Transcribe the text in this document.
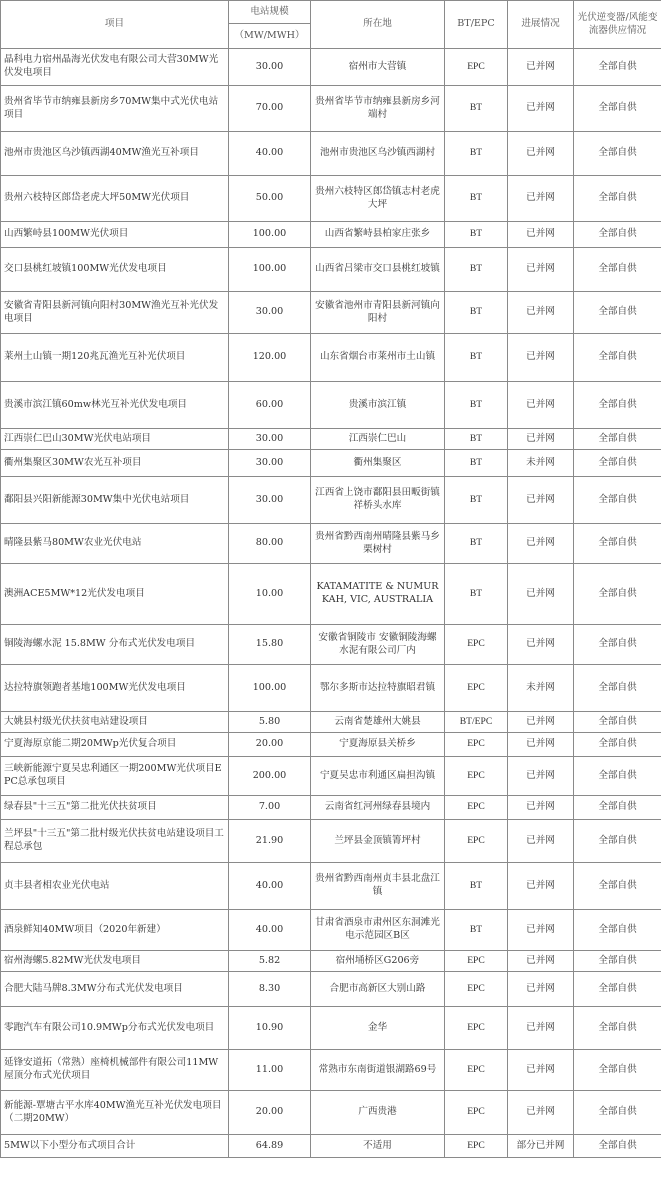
项目	电站规模	所在地	BT/EPC	进展情况	光伏逆变器/风能变流器供应情况
	（MW/MWH）				
晶科电力宿州晶海光伏发电有限公司大营30MW光伏发电项目	30.00	宿州市大营镇	EPC	已并网	全部自供
贵州省毕节市纳雍县新房乡70MW集中式光伏电站项目	70.00	贵州省毕节市纳雍县新房乡河端村	BT	已并网	全部自供
池州市贵池区乌沙镇西湖40MW渔光互补项目	40.00	池州市贵池区乌沙镇西湖村	BT	已并网	全部自供
贵州六枝特区郎岱老虎大坪50MW光伏项目	50.00	贵州六枝特区郎岱镇志村老虎大坪	BT	已并网	全部自供
山西繁峙县100MW光伏项目	100.00	山西省繁峙县柏家庄张乡	BT	已并网	全部自供
交口县桃红坡镇100MW光伏发电项目	100.00	山西省吕梁市交口县桃红坡镇	BT	已并网	全部自供
安徽省青阳县新河镇向阳村30MW渔光互补光伏发电项目	30.00	安徽省池州市青阳县新河镇向阳村	BT	已并网	全部自供
莱州土山镇一期120兆瓦渔光互补光伏项目	120.00	山东省烟台市莱州市土山镇	BT	已并网	全部自供
贵溪市滨江镇60mw林光互补光伏发电项目	60.00	贵溪市滨江镇	BT	已并网	全部自供
江西崇仁巴山30MW光伏电站项目	30.00	江西崇仁巴山	BT	已并网	全部自供
衢州集聚区30MW农光互补项目	30.00	衢州集聚区	BT	未并网	全部自供
鄱阳县兴阳新能源30MW集中光伏电站项目	30.00	江西省上饶市鄱阳县田畈街镇祥桥头水库	BT	已并网	全部自供
晴隆县紫马80MW农业光伏电站	80.00	贵州省黔西南州晴隆县紫马乡栗树村	BT	已并网	全部自供
澳洲ACE5MW*12光伏发电项目	10.00	KATAMATITE & NUMURKAH, VIC, AUSTRALIA	BT	已并网	全部自供
铜陵海螺水泥 15.8MW 分布式光伏发电项目	15.80	安徽省铜陵市 安徽铜陵海螺水泥有限公司厂内	EPC	已并网	全部自供
达拉特旗领跑者基地100MW光伏发电项目	100.00	鄂尔多斯市达拉特旗昭君镇	EPC	未并网	全部自供
大姚县村级光伏扶贫电站建设项目	5.80	云南省楚雄州大姚县	BT/EPC	已并网	全部自供
宁夏海原京能二期20MWp光伏复合项目	20.00	宁夏海原县关桥乡	EPC	已并网	全部自供
三峡新能源宁夏吴忠利通区一期200MW光伏项目EPC总承包项目	200.00	宁夏吴忠市利通区扁担沟镇	EPC	已并网	全部自供
绿春县"十三五"第二批光伏扶贫项目	7.00	云南省红河州绿春县境内	EPC	已并网	全部自供
兰坪县"十三五"第二批村级光伏扶贫电站建设项目工程总承包	21.90	兰坪县金顶镇箐坪村	EPC	已并网	全部自供
贞丰县者相农业光伏电站	40.00	贵州省黔西南州贞丰县北盘江镇	BT	已并网	全部自供
酒泉鲜知40MW项目（2020年新建）	40.00	甘肃省酒泉市肃州区东洞滩光电示范园区B区	BT	已并网	全部自供
宿州海螺5.82MW光伏发电项目	5.82	宿州埇桥区G206旁	EPC	已并网	全部自供
合肥大陆马牌8.3MW分布式光伏发电项目	8.30	合肥市高新区大别山路	EPC	已并网	全部自供
零跑汽车有限公司10.9MWp分布式光伏发电项目	10.90	金华	EPC	已并网	全部自供
延锋安道拓（常熟）座椅机械部件有限公司11MW屋顶分布式光伏项目	11.00	常熟市东南街道银湖路69号	EPC	已并网	全部自供
新能源-覃塘古平水库40MW渔光互补光伏发电项目（二期20MW）	20.00	广西贵港	EPC	已并网	全部自供
5MW以下小型分布式项目合计	64.89	不适用	EPC	部分已并网	全部自供
